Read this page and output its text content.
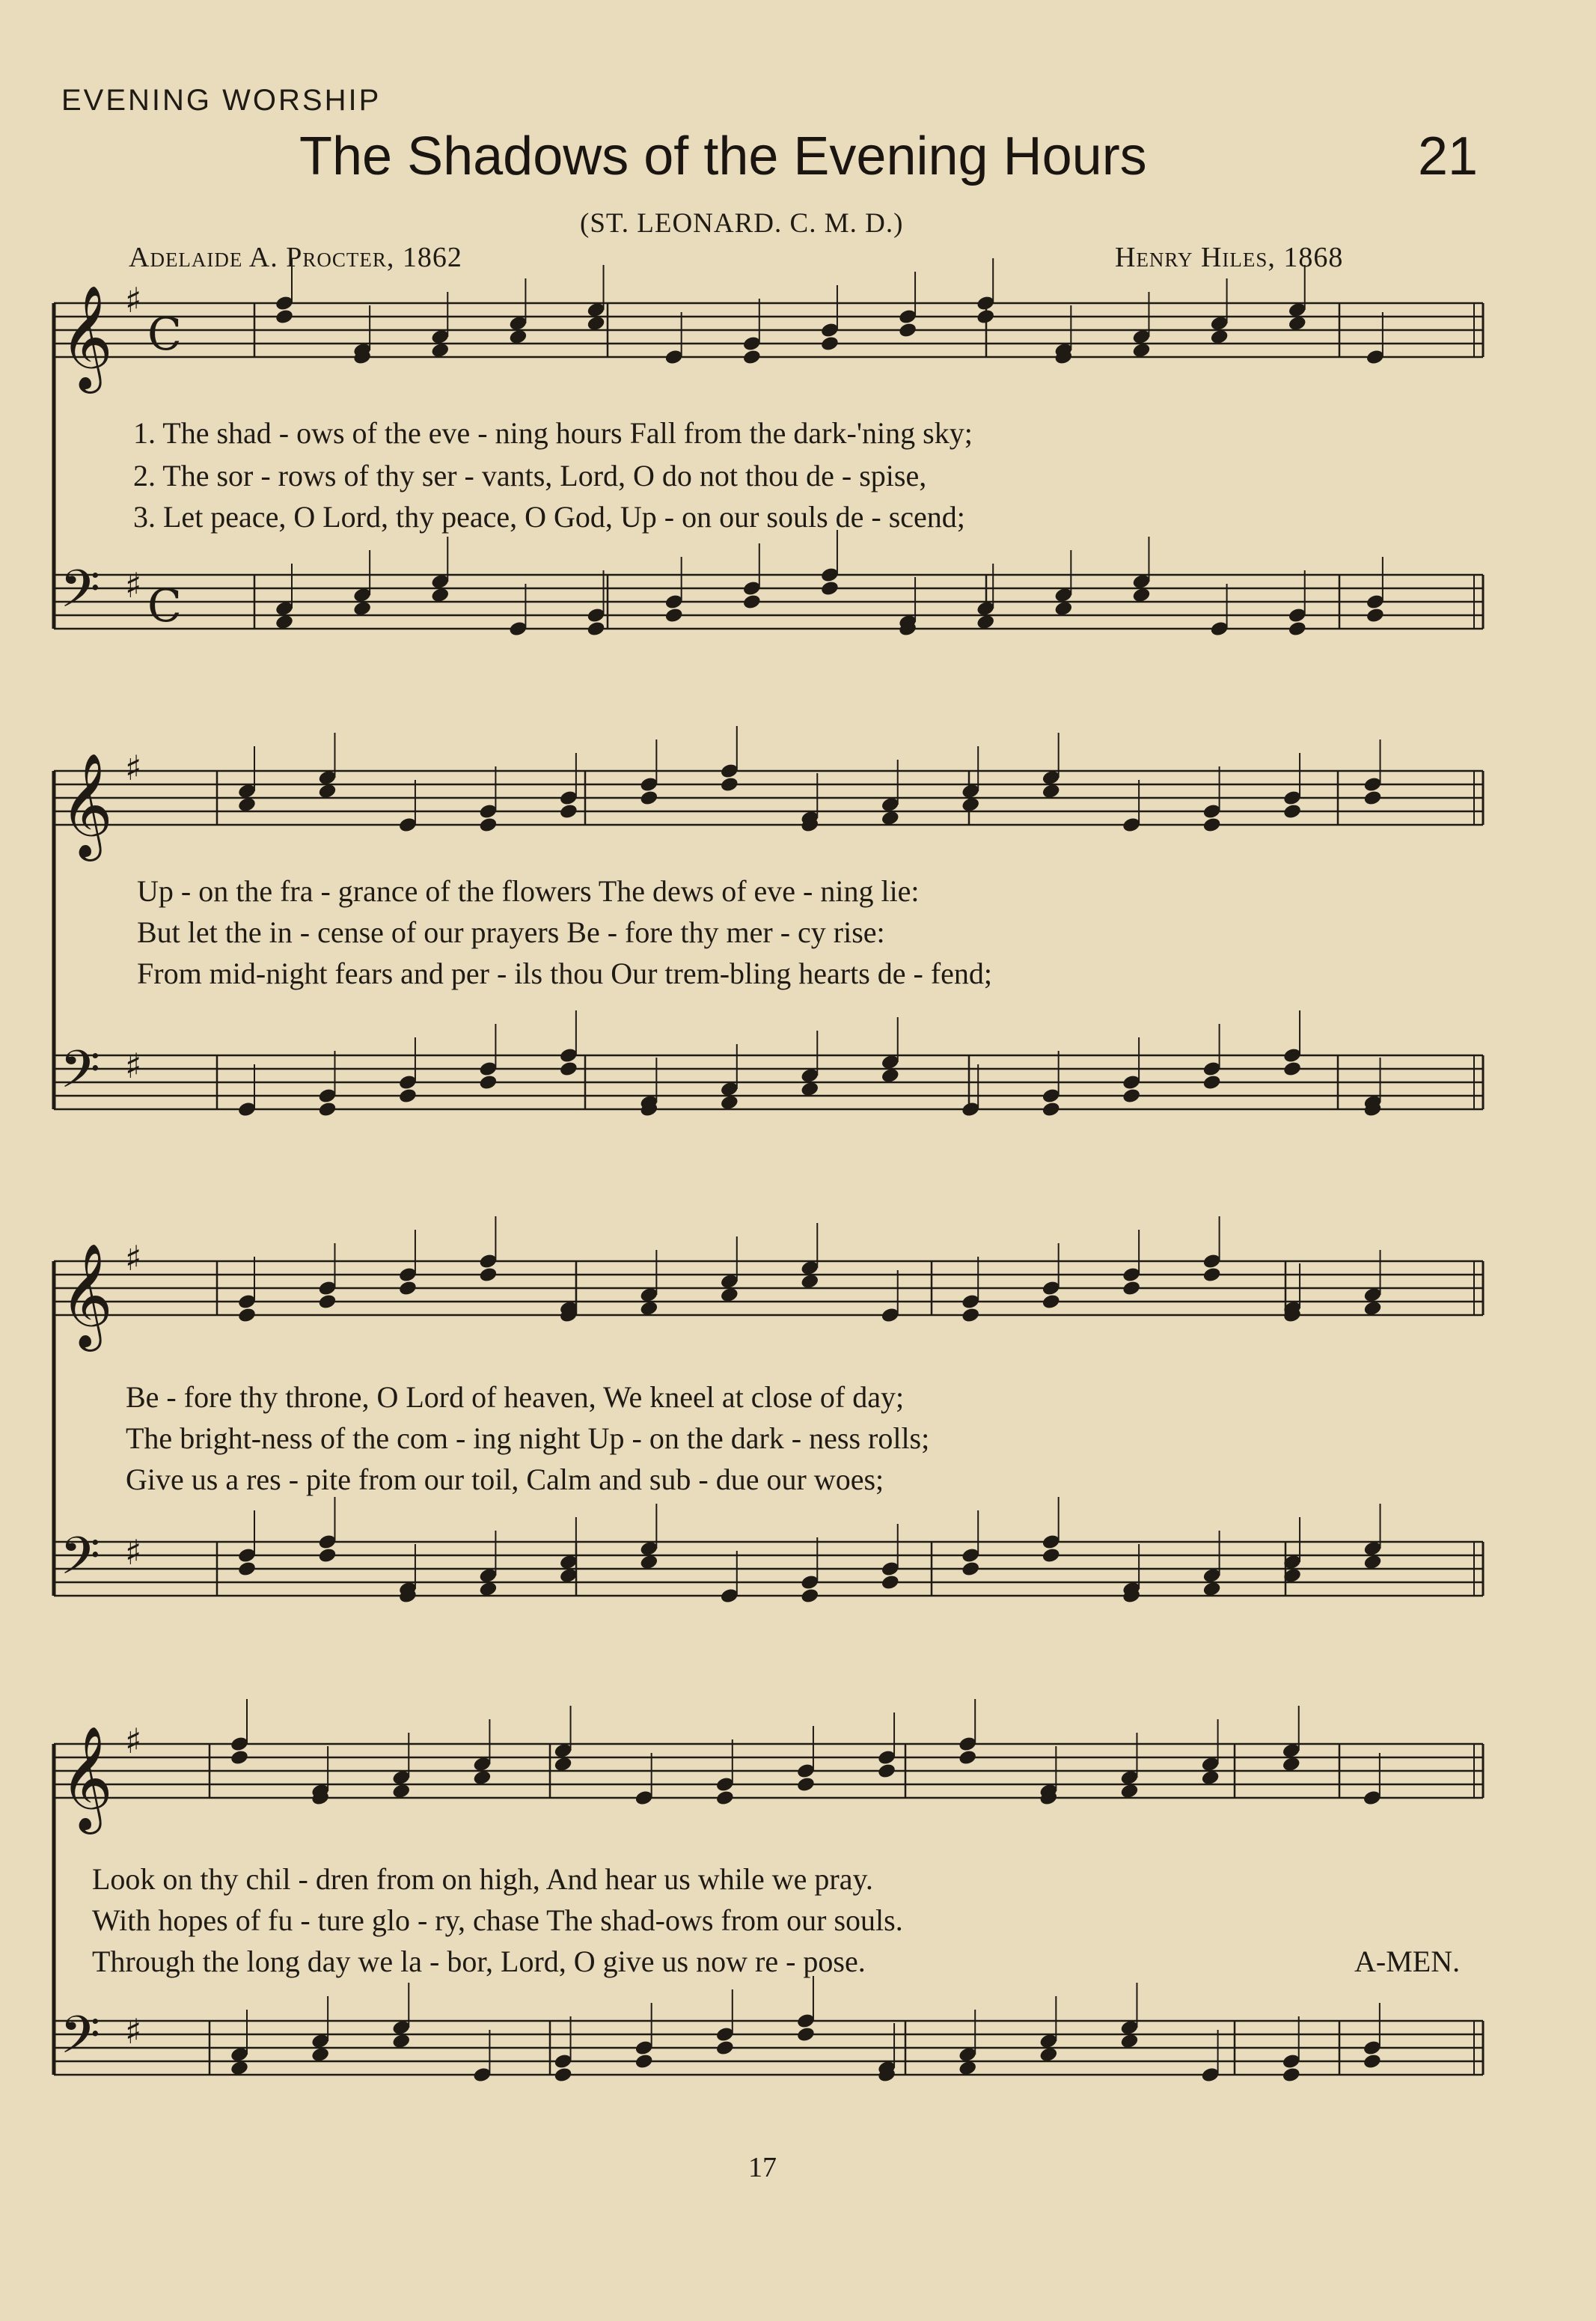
EVENING WORSHIP
The Shadows of the Evening Hours	21
(ST. LEONARD. C. M. D.)
Adelaide A. Procter, 1862	Henry Hiles, 1868
𝄞 ♯
C
𝄢 ♯ C
𝄞 ♯
𝄢 ♯
𝄞 ♯
𝄢 ♯
𝄞 ♯
𝄢 ♯
1. The shad - ows of the eve - ning hours Fall from the dark-'ning sky;
2. The sor - rows of thy ser - vants, Lord, O do not thou de - spise,
3. Let peace, O Lord, thy peace, O God, Up - on our souls de - scend;
Up - on the fra - grance of the flowers The dews of eve - ning lie:
But let the in - cense of our prayers Be - fore thy mer - cy rise:
From mid-night fears and per - ils thou Our trem-bling hearts de - fend;
Be - fore thy throne, O Lord of heaven, We kneel at close of day;
The bright-ness of the com - ing night Up - on the dark - ness rolls;
Give us a res - pite from our toil, Calm and sub - due our woes;
Look on thy chil - dren from on high, And hear us while we pray.
With hopes of fu - ture glo - ry, chase The shad-ows from our souls.
Through the long day we la - bor, Lord, O give us now re - pose.	A-MEN.
17
